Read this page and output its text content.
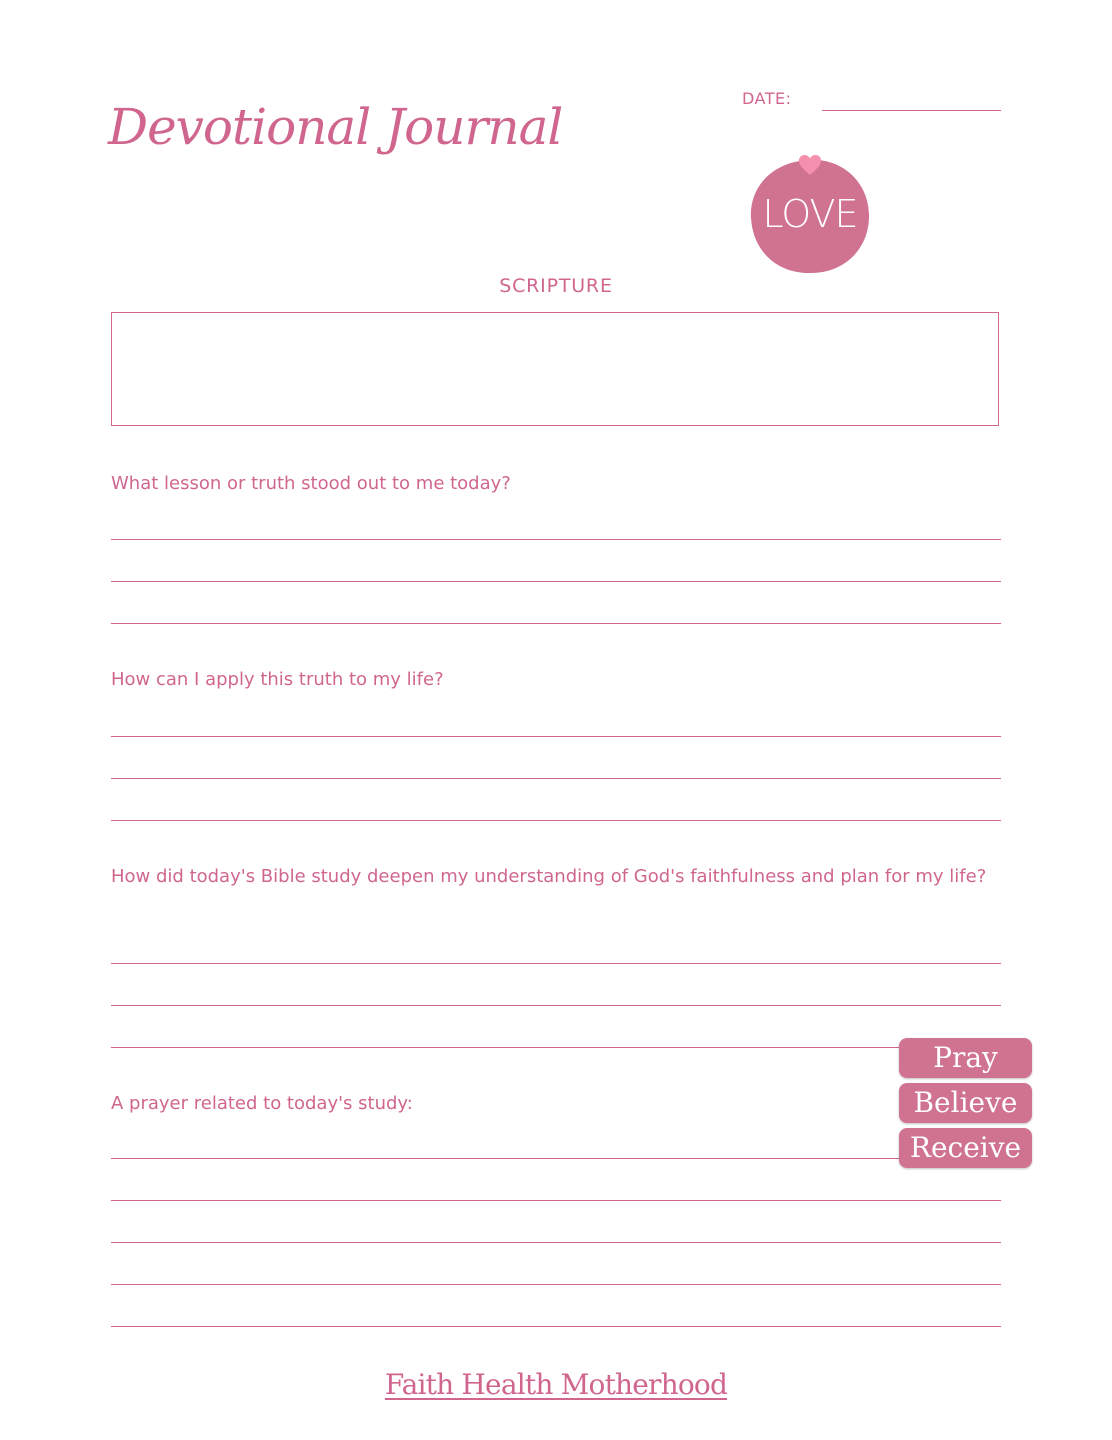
Devotional Journal	DATE:
LOVE
SCRIPTURE
What lesson or truth stood out to me today?
How can I apply this truth to my life?
How did today's Bible study deepen my understanding of God's faithfulness and plan for my life?
A prayer related to today's study:
Pray
Believe
Receive
Faith Health Motherhood
